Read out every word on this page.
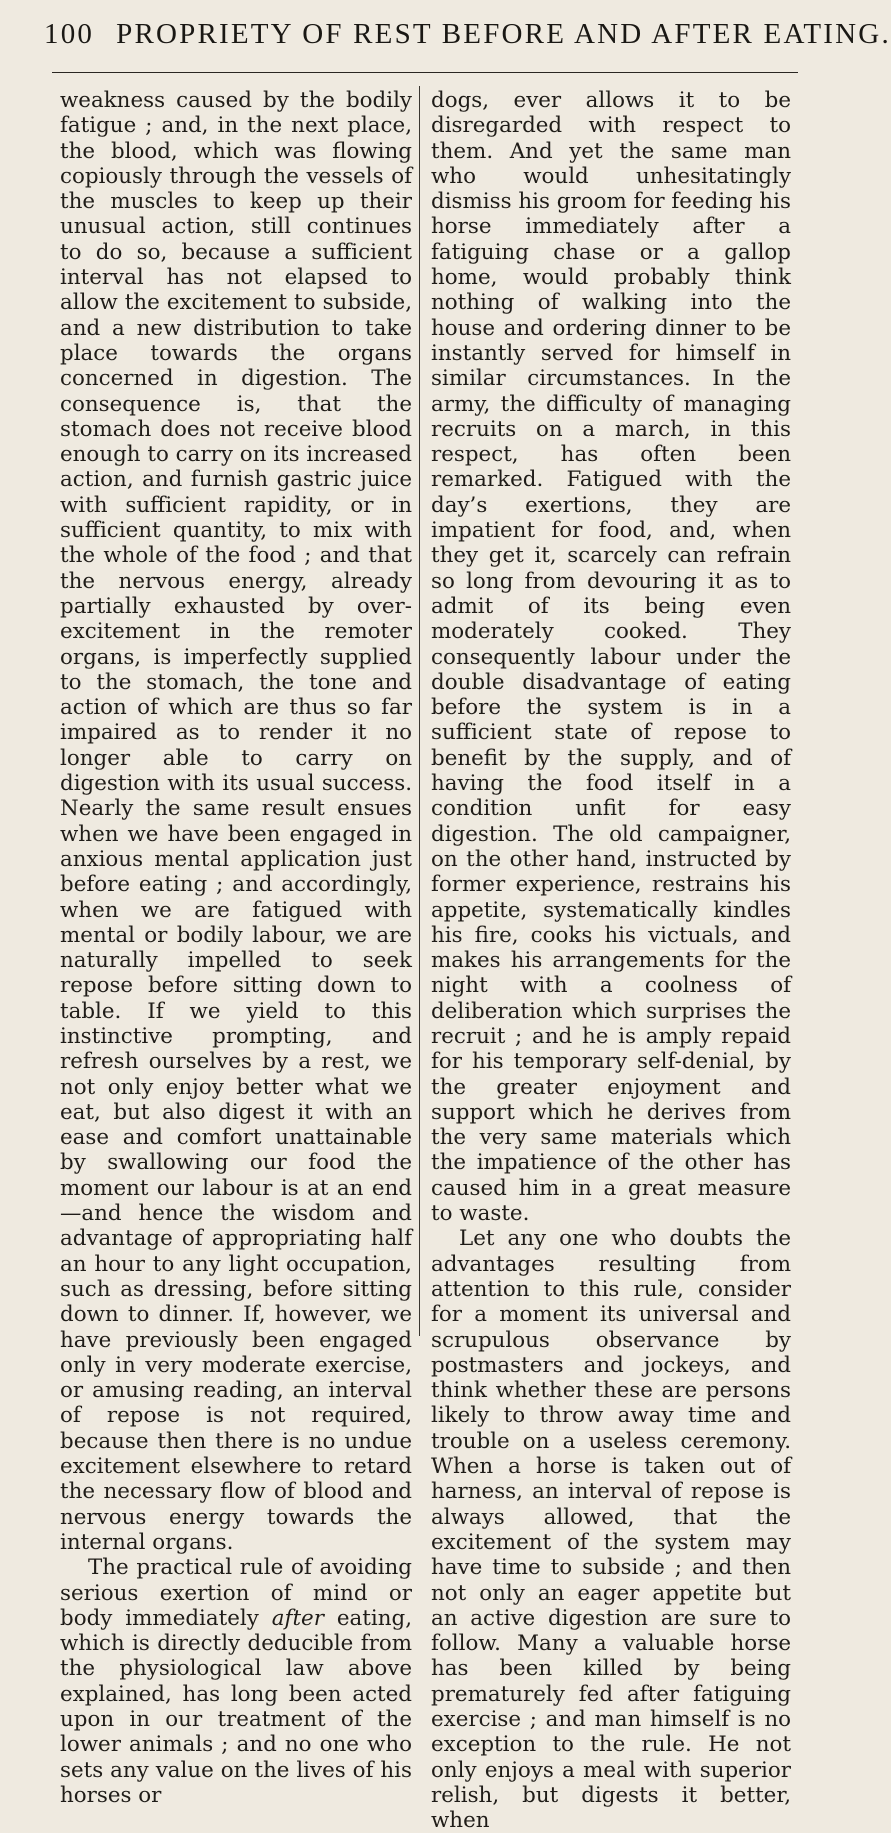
100 PROPRIETY OF REST BEFORE AND AFTER EATING.

weakness caused by the bodily fatigue ; and, in the next place, the blood, which was flowing copiously through the vessels of the muscles to keep up their unusual action, still continues to do so, because a sufficient interval has not elapsed to allow the excitement to subside, and a new distribution to take place towards the organs concerned in digestion. The consequence is, that the stomach does not receive blood enough to carry on its increased action, and furnish gastric juice with sufficient rapidity, or in sufficient quantity, to mix with the whole of the food ; and that the nervous energy, already partially exhausted by over-excitement in the remoter organs, is imperfectly supplied to the stomach, the tone and action of which are thus so far impaired as to render it no longer able to carry on digestion with its usual success. Nearly the same result ensues when we have been engaged in anxious mental application just before eating ; and accordingly, when we are fatigued with mental or bodily labour, we are naturally impelled to seek repose before sitting down to table. If we yield to this instinctive prompting, and refresh ourselves by a rest, we not only enjoy better what we eat, but also digest it with an ease and comfort unattainable by swallowing our food the moment our labour is at an end—and hence the wisdom and advantage of appropriating half an hour to any light occupation, such as dressing, before sitting down to dinner. If, however, we have previously been engaged only in very moderate exercise, or amusing reading, an interval of repose is not required, because then there is no undue excitement elsewhere to retard the necessary flow of blood and nervous energy towards the internal organs.

The practical rule of avoiding serious exertion of mind or body immediately after eating, which is directly deducible from the physiological law above explained, has long been acted upon in our treatment of the lower animals ; and no one who sets any value on the lives of his horses or

dogs, ever allows it to be disregarded with respect to them. And yet the same man who would unhesitatingly dismiss his groom for feeding his horse immediately after a fatiguing chase or a gallop home, would probably think nothing of walking into the house and ordering dinner to be instantly served for himself in similar circumstances. In the army, the difficulty of managing recruits on a march, in this respect, has often been remarked. Fatigued with the day’s exertions, they are impatient for food, and, when they get it, scarcely can refrain so long from devouring it as to admit of its being even moderately cooked. They consequently labour under the double disadvantage of eating before the system is in a sufficient state of repose to benefit by the supply, and of having the food itself in a condition unfit for easy digestion. The old campaigner, on the other hand, instructed by former experience, restrains his appetite, systematically kindles his fire, cooks his victuals, and makes his arrangements for the night with a coolness of deliberation which surprises the recruit ; and he is amply repaid for his temporary self-denial, by the greater enjoyment and support which he derives from the very same materials which the impatience of the other has caused him in a great measure to waste.

Let any one who doubts the advantages resulting from attention to this rule, consider for a moment its universal and scrupulous observance by postmasters and jockeys, and think whether these are persons likely to throw away time and trouble on a useless ceremony. When a horse is taken out of harness, an interval of repose is always allowed, that the excitement of the system may have time to subside ; and then not only an eager appetite but an active digestion are sure to follow. Many a valuable horse has been killed by being prematurely fed after fatiguing exercise ; and man himself is no exception to the rule. He not only enjoys a meal with superior relish, but digests it better, when
